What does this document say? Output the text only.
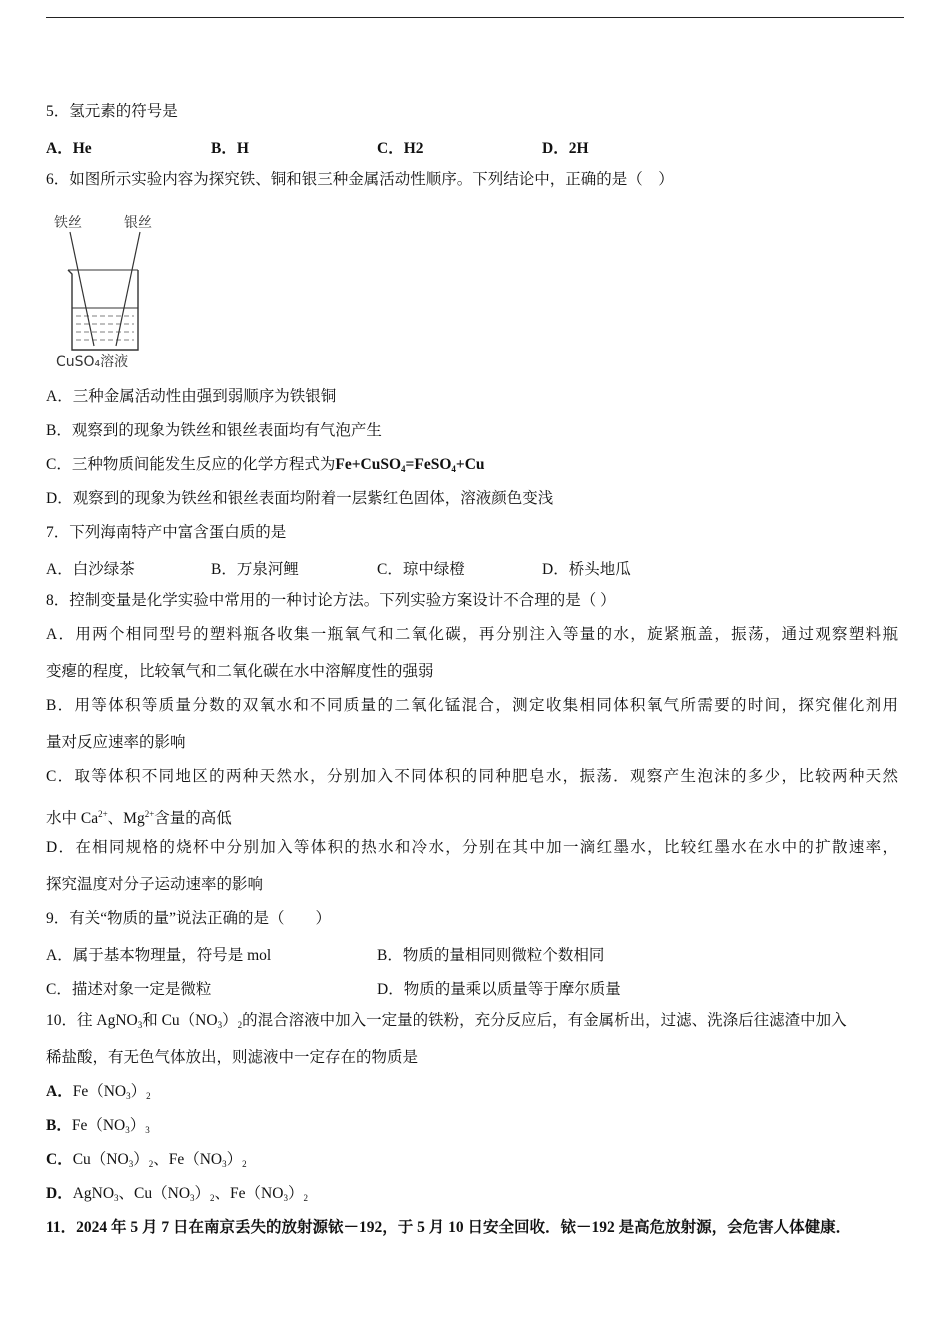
5．氢元素的符号是
A．He	B．H	C．H2	D．2H
6．如图所示实验内容为探究铁、铜和银三种金属活动性顺序。下列结论中，正确的是（　）
铁丝	银丝
CuSO₄溶液
A．三种金属活动性由强到弱顺序为铁银铜
B．观察到的现象为铁丝和银丝表面均有气泡产生
C．三种物质间能发生反应的化学方程式为Fe+CuSO$_4$=FeSO$_4$+Cu
D．观察到的现象为铁丝和银丝表面均附着一层紫红色固体，溶液颜色变浅
7．下列海南特产中富含蛋白质的是
A．白沙绿茶	B．万泉河鲤	C．琼中绿橙	D．桥头地瓜
8．控制变量是化学实验中常用的一种讨论方法。下列实验方案设计不合理的是（ ）
A．用两个相同型号的塑料瓶各收集一瓶氧气和二氧化碳，再分别注入等量的水，旋紧瓶盖，振荡，通过观察塑料瓶
变瘪的程度，比较氧气和二氧化碳在水中溶解度性的强弱
B．用等体积等质量分数的双氧水和不同质量的二氧化锰混合，测定收集相同体积氧气所需要的时间，探究催化剂用
量对反应速率的影响
C．取等体积不同地区的两种天然水，分别加入不同体积的同种肥皂水，振荡．观察产生泡沫的多少，比较两种天然
水中 $Ca^{2+}$、$Mg^{2+}$含量的高低
D．在相同规格的烧杯中分别加入等体积的热水和冷水，分别在其中加一滴红墨水，比较红墨水在水中的扩散速率，
探究温度对分子运动速率的影响
9．有关“物质的量”说法正确的是（　　）
A．属于基本物理量，符号是 mol	B．物质的量相同则微粒个数相同
C．描述对象一定是微粒	D．物质的量乘以质量等于摩尔质量
10．往 AgNO$_3$和 $Cu(NO_3)_2$的混合溶液中加入一定量的铁粉，充分反应后，有金属析出，过滤、洗涤后往滤渣中加入
稀盐酸，有无色气体放出，则滤液中一定存在的物质是
A．$Fe(NO_3)_2$
B．$Fe(NO_3)_3$
C．$Cu(NO_3)_2$、$Fe(NO_3)_2$
D．AgNO$_3$、$Cu(NO_3)_2$、$Fe(NO_3)_2$
11．2024 年 5 月 7 日在南京丢失的放射源铱－192，于 5 月 10 日安全回收．铱－192 是高危放射源，会危害人体健康．
